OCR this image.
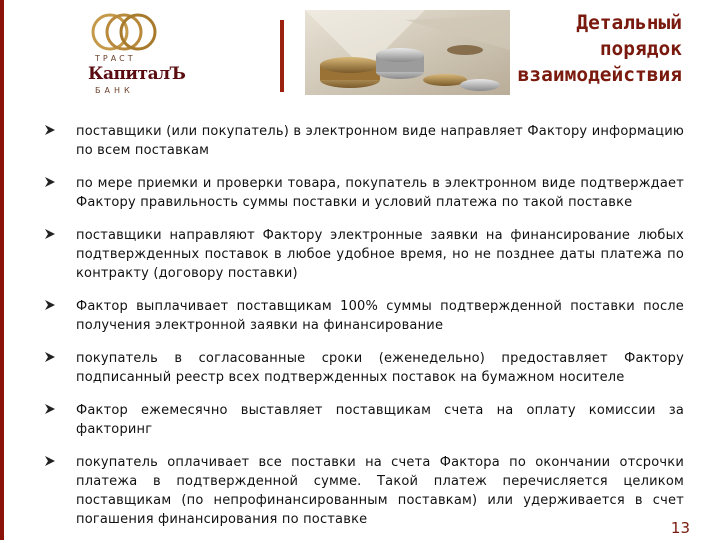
ТРАСТ
КапиталЪ
БАНК
Детальный
порядок
взаимодействия
поставщики (или покупатель) в электронном виде направляет Фактору информацию по всем поставкам
по мере приемки и проверки товара, покупатель в электронном виде подтверждает Фактору правильность суммы поставки и условий платежа по такой поставке
поставщики направляют Фактору электронные заявки на финансирование любых подтвержденных поставок в любое удобное время, но не позднее даты платежа по контракту (договору поставки)
Фактор выплачивает поставщикам 100% суммы подтвержденной поставки после получения электронной заявки на финансирование
покупатель в согласованные сроки (еженедельно) предоставляет Фактору подписанный реестр всех подтвержденных поставок на бумажном носителе
Фактор ежемесячно выставляет поставщикам счета на оплату комиссии за факторинг
покупатель оплачивает все поставки на счета Фактора по окончании отсрочки платежа в подтвержденной сумме. Такой платеж перечисляется целиком поставщикам (по непрофинансированным поставкам) или удерживается в счет погашения финансирования по поставке	13
